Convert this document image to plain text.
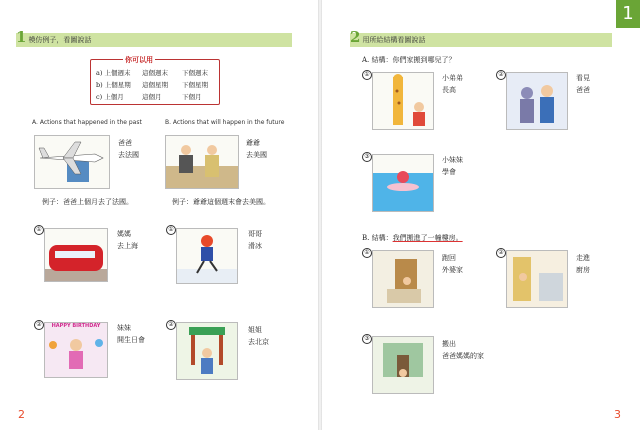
1 模仿例子，看圖說話
你可以用
a) 上個週末 這個週末 下個週末
b) 上個星期 這個星期 下個星期
c) 上個月	這個月	下個月
A. Actions that happened in the past	B. Actions that will happen in the future
爸爸
去法國
爺爺
去美國
例子：爸爸上個月去了法國。	例子：爺爺這個週末會去美國。
①
媽媽
去上海
①
哥哥
滑冰
②	HAPPY BIRTHDAY	妹妹
開生日會
②
姐姐
去北京
2
1
2 用所給結構看圖說話
A. 結構：你們家搬到哪兒了？
①	小弟弟
長高
②	看見
爸爸
③	小妹妹
學會
B. 結構：我們搬進了一幢樓房。
①
跑回
外婆家
②
走進
廚房
③
搬出
爸爸媽媽的家
3
